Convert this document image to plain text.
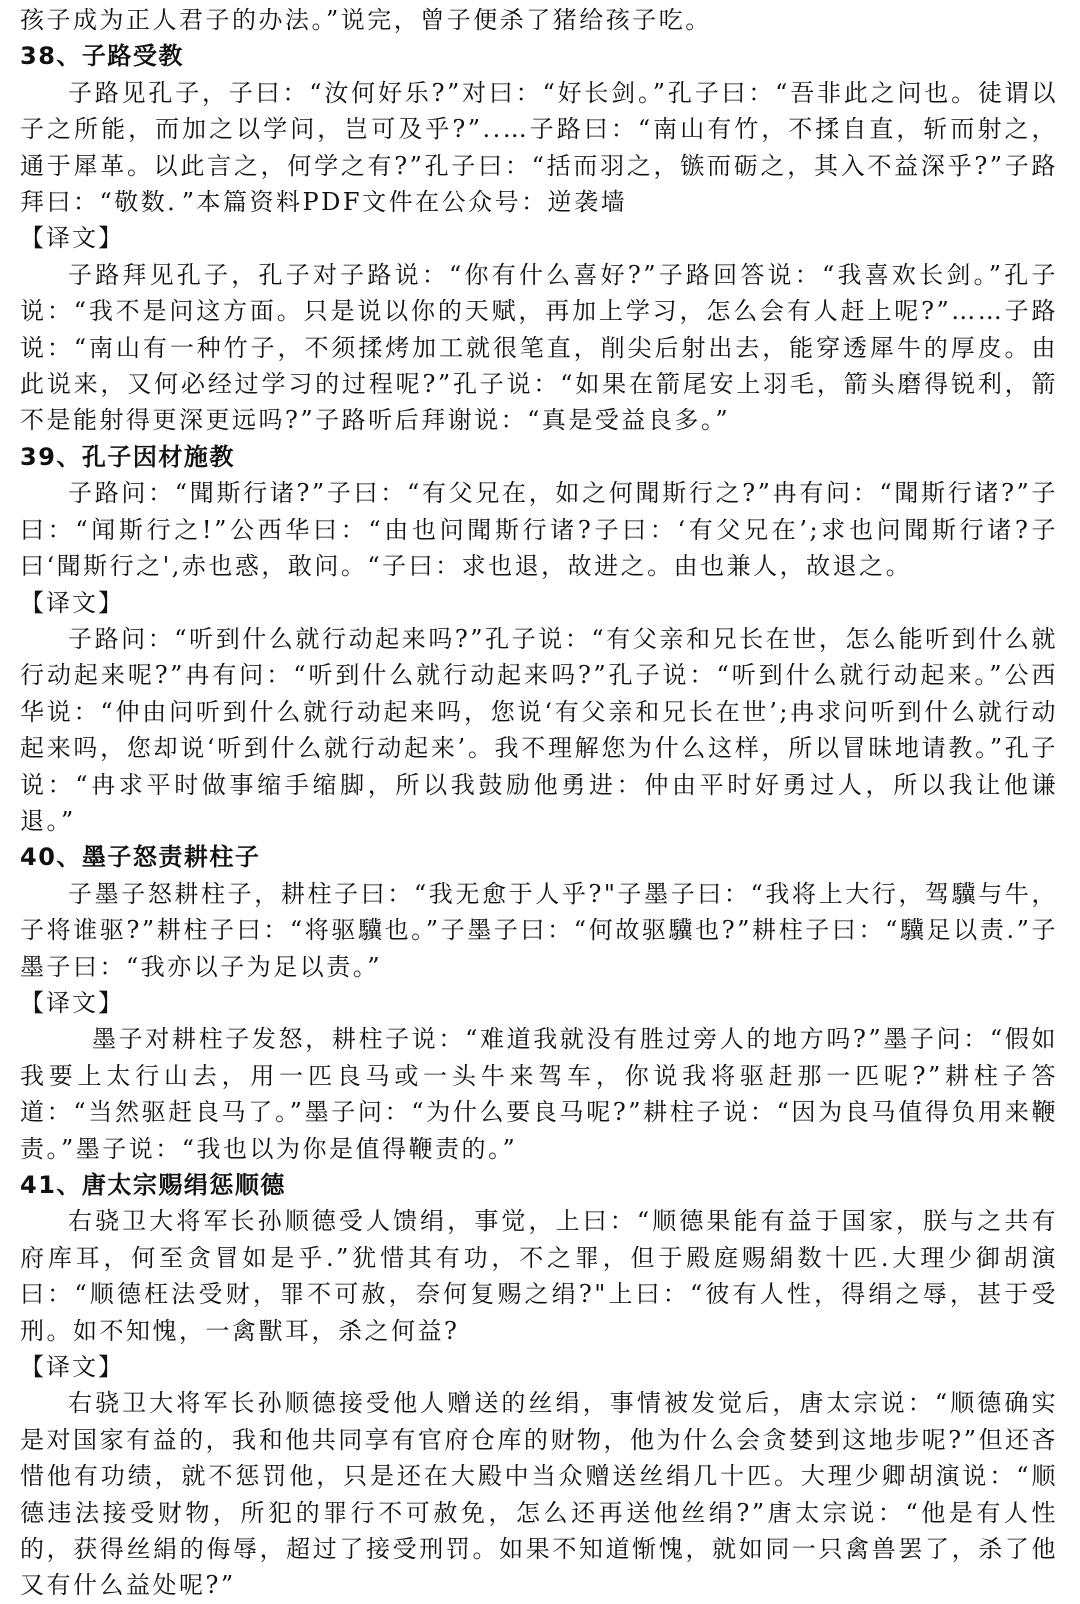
孩子成为正人君子的办法。”说完，曾子便杀了猪给孩子吃。

38、子路受教

子路见孔子，子曰：“汝何好乐?”对曰：“好长剑。”孔子曰：“吾非此之问也。徒谓以子之所能，而加之以学问，岂可及乎?”..…子路曰：“南山有竹，不揉自直，斩而射之，通于犀革。以此言之，何学之有?”孔子曰：“括而羽之，镞而砺之，其入不益深乎?”子路拜曰：“敬数．”本篇资料PDF文件在公众号：逆袭墙

【译文】

子路拜见孔子，孔子对子路说：“你有什么喜好?”子路回答说：“我喜欢长剑。”孔子说：“我不是问这方面。只是说以你的天赋，再加上学习，怎么会有人赶上呢?”……子路说：“南山有一种竹子，不须揉烤加工就很笔直，削尖后射出去，能穿透犀牛的厚皮。由此说来，又何必经过学习的过程呢?”孔子说：“如果在箭尾安上羽毛，箭头磨得锐利，箭不是能射得更深更远吗?”子路听后拜谢说：“真是受益良多。”

39、孔子因材施教

子路问：“聞斯行诸?”子曰：“有父兄在，如之何聞斯行之?”冉有问：“聞斯行诸?”子曰：“闻斯行之!”公西华曰：“由也问聞斯行诸?子曰：‘有父兄在’;求也问聞斯行诸?子曰‘聞斯行之',赤也惑，敢问。“子曰：求也退，故进之。由也兼人，故退之。

【译文】

子路问：“听到什么就行动起来吗?”孔子说：“有父亲和兄长在世，怎么能听到什么就行动起来呢?”冉有问：“听到什么就行动起来吗?”孔子说：“听到什么就行动起来。”公西华说：“仲由问听到什么就行动起来吗，您说‘有父亲和兄长在世’;冉求问听到什么就行动起来吗，您却说‘听到什么就行动起来’。我不理解您为什么这样，所以冒昧地请教。”孔子说：“冉求平时做事缩手缩脚，所以我鼓励他勇进：仲由平时好勇过人，所以我让他谦退。”

40、墨子怒责耕柱子

子墨子怒耕柱子，耕柱子曰：“我无愈于人乎?"子墨子曰：“我将上大行，驾驥与牛，子将谁驱?”耕柱子曰：“将驱驥也。”子墨子曰：“何故驱驥也?”耕柱子曰：“驥足以责.”子墨子曰：“我亦以子为足以责。”

【译文】

墨子对耕柱子发怒，耕柱子说：“难道我就没有胜过旁人的地方吗?”墨子问：“假如我要上太行山去，用一匹良马或一头牛来驾车，你说我将驱赶那一匹呢?”耕柱子答道：“当然驱赶良马了。”墨子问：“为什么要良马呢?”耕柱子说：“因为良马值得负用来鞭责。”墨子说：“我也以为你是值得鞭责的。”

41、唐太宗赐绢惩顺德

右骁卫大将军长孙顺德受人馈绢，事觉，上曰：“顺德果能有益于国家，朕与之共有府库耳，何至贪冒如是乎.”犹惜其有功，不之罪，但于殿庭赐絹数十匹.大理少御胡演曰：“顺德枉法受财，罪不可赦，奈何复赐之绢?"上曰：“彼有人性，得绢之辱，甚于受刑。如不知愧，一禽獸耳，杀之何益?

【译文】

右骁卫大将军长孙顺德接受他人赠送的丝绢，事情被发觉后，唐太宗说：“顺德确实是对国家有益的，我和他共同享有官府仓库的财物，他为什么会贪婪到这地步呢?”但还吝惜他有功绩，就不惩罚他，只是还在大殿中当众赠送丝绢几十匹。大理少卿胡演说：“顺德违法接受财物，所犯的罪行不可赦免，怎么还再送他丝绢?”唐太宗说：“他是有人性的，获得丝絹的侮辱，超过了接受刑罚。如果不知道惭愧，就如同一只禽兽罢了，杀了他又有什么益处呢?”
